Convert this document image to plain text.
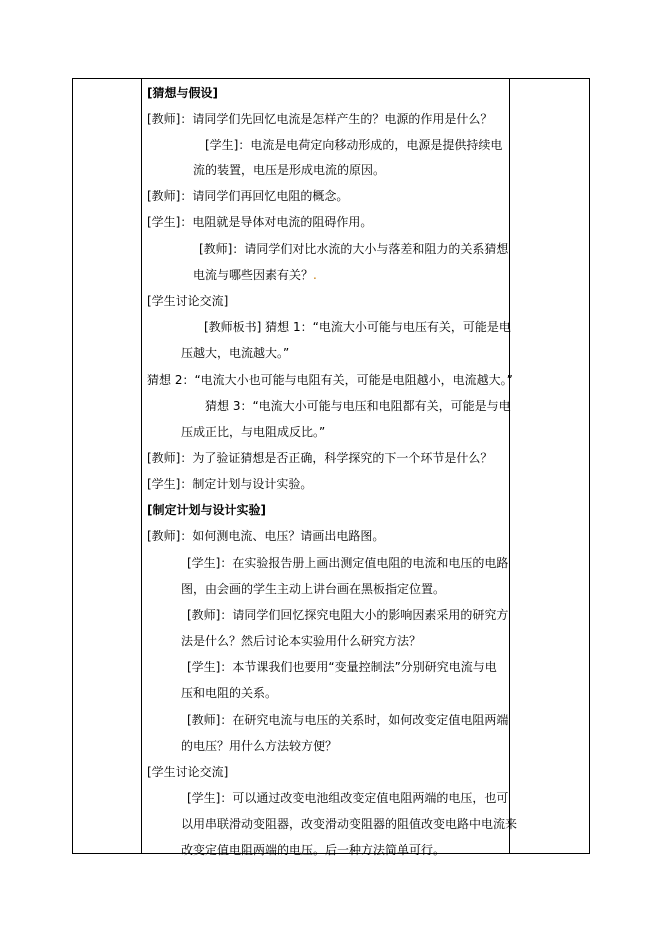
[猜想与假设]
[教师]：请同学们先回忆电流是怎样产生的？电源的作用是什么？
[学生]：电流是电荷定向移动形成的，电源是提供持续电
流的装置，电压是形成电流的原因。
[教师]：请同学们再回忆电阻的概念。
[学生]：电阻就是导体对电流的阻碍作用。
[教师]：请同学们对比水流的大小与落差和阻力的关系猜想
电流与哪些因素有关？.
[学生讨论交流]
[教师板书] 猜想 1：“电流大小可能与电压有关，可能是电
压越大，电流越大。”
猜想 2：“电流大小也可能与电阻有关，可能是电阻越小，电流越大。”
猜想 3：“电流大小可能与电压和电阻都有关，可能是与电
压成正比，与电阻成反比。”
[教师]：为了验证猜想是否正确，科学探究的下一个环节是什么？
[学生]：制定计划与设计实验。
[制定计划与设计实验]
[教师]：如何测电流、电压？请画出电路图。
[学生]：在实验报告册上画出测定值电阻的电流和电压的电路
图，由会画的学生主动上讲台画在黑板指定位置。
[教师]：请同学们回忆探究电阻大小的影响因素采用的研究方
法是什么？然后讨论本实验用什么研究方法？
[学生]：本节课我们也要用“变量控制法”分别研究电流与电
压和电阻的关系。
[教师]：在研究电流与电压的关系时，如何改变定值电阻两端
的电压？用什么方法较方便？
[学生讨论交流]
[学生]：可以通过改变电池组改变定值电阻两端的电压，也可
以用串联滑动变阻器，改变滑动变阻器的阻值改变电路中电流来
改变定值电阻两端的电压。后一种方法简单可行。
